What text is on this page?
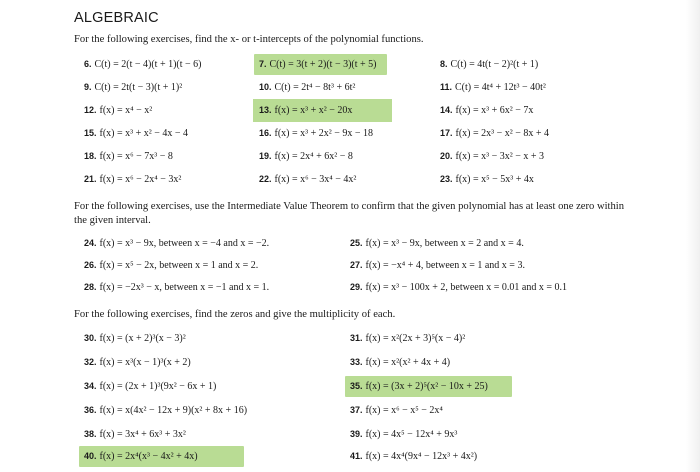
ALGEBRAIC
For the following exercises, find the x- or t-intercepts of the polynomial functions.
6. C(t) = 2(t − 4)(t + 1)(t − 6)	7. C(t) = 3(t + 2)(t − 3)(t + 5)	8. C(t) = 4t(t − 2)²(t + 1)
9. C(t) = 2t(t − 3)(t + 1)²	10. C(t) = 2t⁴ − 8t³ + 6t²	11. C(t) = 4t⁴ + 12t³ − 40t²
12. f(x) = x⁴ − x²	13. f(x) = x³ + x² − 20x	14. f(x) = x³ + 6x² − 7x
15. f(x) = x³ + x² − 4x − 4	16. f(x) = x³ + 2x² − 9x − 18	17. f(x) = 2x³ − x² − 8x + 4
18. f(x) = x⁶ − 7x³ − 8	19. f(x) = 2x⁴ + 6x² − 8	20. f(x) = x³ − 3x² − x + 3
21. f(x) = x⁶ − 2x⁴ − 3x²	22. f(x) = x⁶ − 3x⁴ − 4x²	23. f(x) = x⁵ − 5x³ + 4x
For the following exercises, use the Intermediate Value Theorem to confirm that the given polynomial has at least one zero within the given interval.
24. f(x) = x³ − 9x, between x = −4 and x = −2.	25. f(x) = x³ − 9x, between x = 2 and x = 4.
26. f(x) = x⁵ − 2x, between x = 1 and x = 2.	27. f(x) = −x⁴ + 4, between x = 1 and x = 3.
28. f(x) = −2x³ − x, between x = −1 and x = 1.	29. f(x) = x³ − 100x + 2, between x = 0.01 and x = 0.1
For the following exercises, find the zeros and give the multiplicity of each.
30. f(x) = (x + 2)³(x − 3)²	31. f(x) = x²(2x + 3)⁵(x − 4)²
32. f(x) = x³(x − 1)³(x + 2)	33. f(x) = x²(x² + 4x + 4)
34. f(x) = (2x + 1)³(9x² − 6x + 1)	35. f(x) = (3x + 2)⁵(x² − 10x + 25)
36. f(x) = x(4x² − 12x + 9)(x² + 8x + 16)	37. f(x) = x⁶ − x⁵ − 2x⁴
38. f(x) = 3x⁴ + 6x³ + 3x²	39. f(x) = 4x⁵ − 12x⁴ + 9x³
40. f(x) = 2x⁴(x³ − 4x² + 4x)	41. f(x) = 4x⁴(9x⁴ − 12x³ + 4x²)
